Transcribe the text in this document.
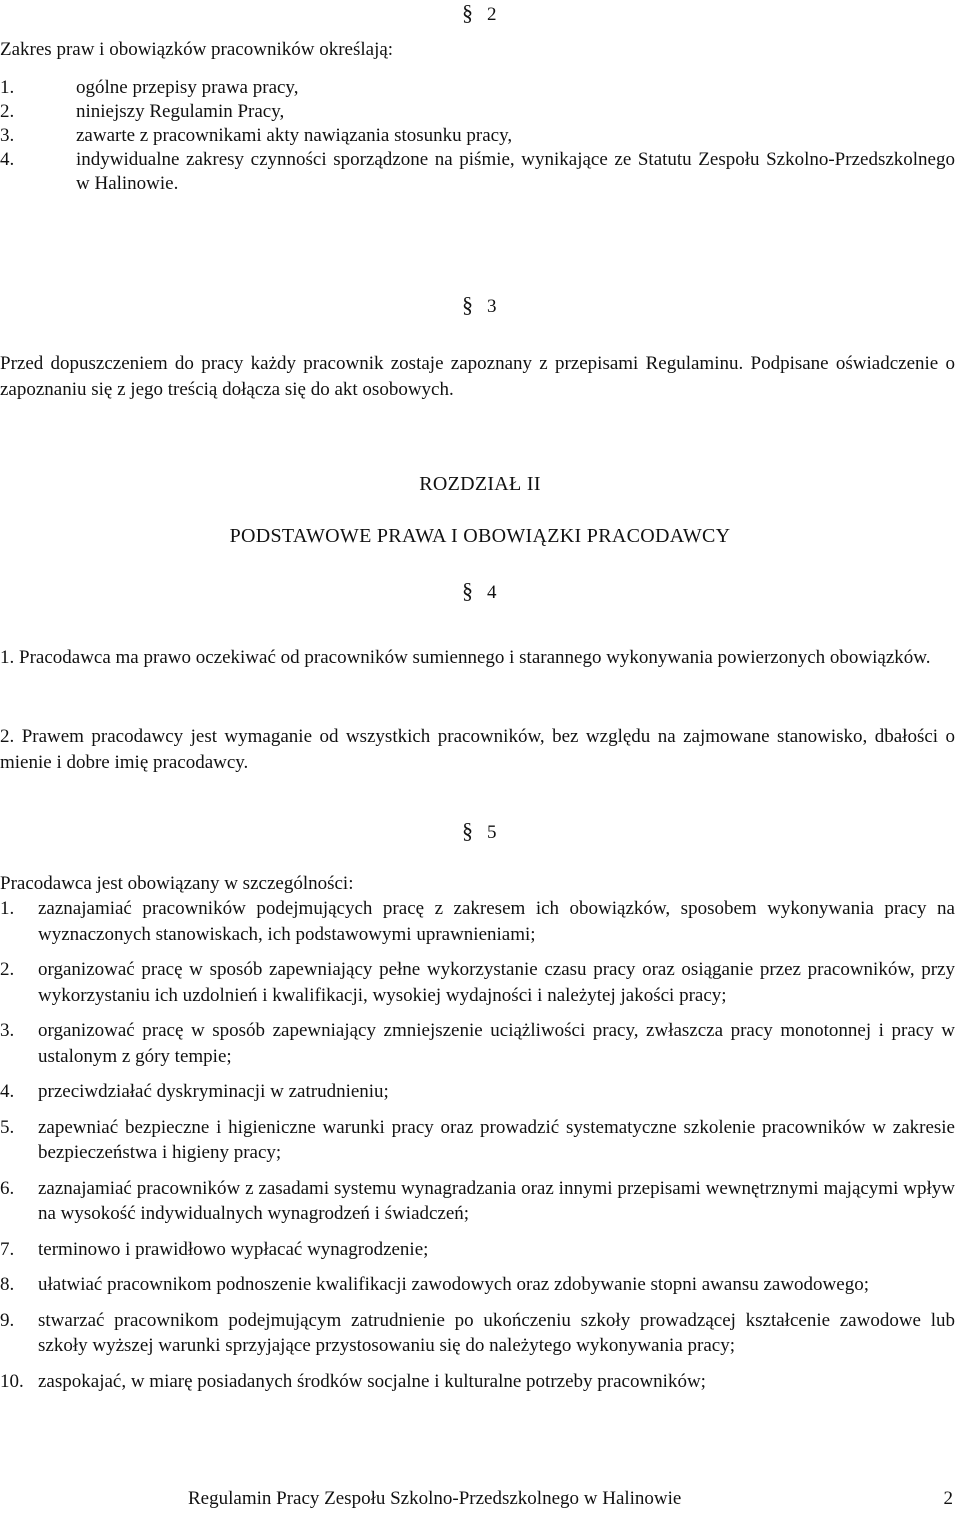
§ 2
Zakres praw i obowiązków pracowników określają:
1.	ogólne przepisy prawa pracy,
2.	niniejszy Regulamin Pracy,
3.	zawarte z pracownikami akty nawiązania stosunku pracy,
4.	indywidualne zakresy czynności sporządzone na piśmie, wynikające ze Statutu Zespołu Szkolno-Przedszkolnego w Halinowie.
§ 3
Przed dopuszczeniem do pracy każdy pracownik zostaje zapoznany z przepisami Regulaminu. Podpisane oświadczenie o zapoznaniu się z jego treścią dołącza się do akt osobowych.
ROZDZIAŁ II
PODSTAWOWE PRAWA I OBOWIĄZKI PRACODAWCY
§ 4
1. Pracodawca ma prawo oczekiwać od pracowników sumiennego i starannego wykonywania powierzonych obowiązków.
2. Prawem pracodawcy jest wymaganie od wszystkich pracowników, bez względu na zajmowane stanowisko, dbałości o mienie i dobre imię pracodawcy.
§ 5
Pracodawca jest obowiązany w szczególności:
1. zaznajamiać pracowników podejmujących pracę z zakresem ich obowiązków, sposobem wykonywania pracy na wyznaczonych stanowiskach, ich podstawowymi uprawnieniami;
2. organizować pracę w sposób zapewniający pełne wykorzystanie czasu pracy oraz osiąganie przez pracowników, przy wykorzystaniu ich uzdolnień i kwalifikacji, wysokiej wydajności i należytej jakości pracy;
3. organizować pracę w sposób zapewniający zmniejszenie uciążliwości pracy, zwłaszcza pracy monotonnej i pracy w ustalonym z góry tempie;
4. przeciwdziałać dyskryminacji w zatrudnieniu;
5. zapewniać bezpieczne i higieniczne warunki pracy oraz prowadzić systematyczne szkolenie pracowników w zakresie bezpieczeństwa i higieny pracy;
6. zaznajamiać pracowników z zasadami systemu wynagradzania oraz innymi przepisami wewnętrznymi mającymi wpływ na wysokość indywidualnych wynagrodzeń i świadczeń;
7. terminowo i prawidłowo wypłacać wynagrodzenie;
8. ułatwiać pracownikom podnoszenie kwalifikacji zawodowych oraz zdobywanie stopni awansu zawodowego;
9. stwarzać pracownikom podejmującym zatrudnienie po ukończeniu szkoły prowadzącej kształcenie zawodowe lub szkoły wyższej warunki sprzyjające przystosowaniu się do należytego wykonywania pracy;
10. zaspokajać, w miarę posiadanych środków socjalne i kulturalne potrzeby pracowników;
Regulamin Pracy Zespołu Szkolno-Przedszkolnego w Halinowie	2
